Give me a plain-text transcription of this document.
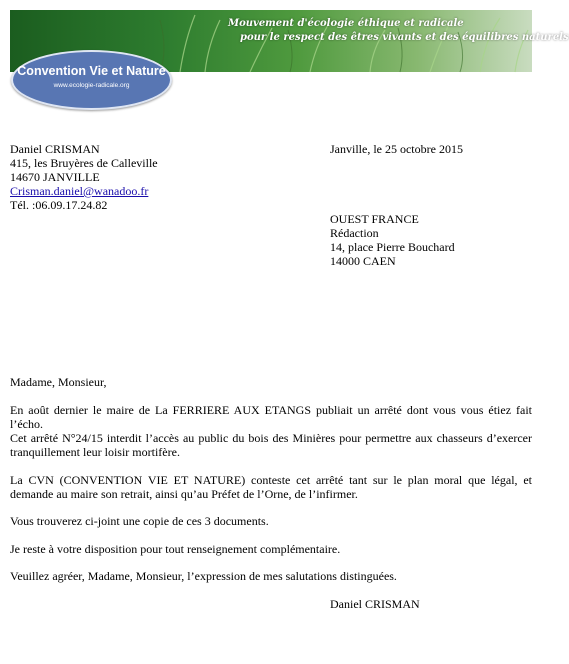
Mouvement d'écologie éthique et radicale
pour le respect des êtres vivants et des équilibres naturels
Convention Vie et Nature
www.ecologie-radicale.org
Daniel CRISMAN
415, les Bruyères de Calleville
14670 JANVILLE
Crisman.daniel@wanadoo.fr
Tél. :06.09.17.24.82
Janville, le 25 octobre 2015
OUEST FRANCE
Rédaction
14, place Pierre Bouchard
14000 CAEN
Madame, Monsieur,
En août dernier le maire de La FERRIERE AUX ETANGS publiait un arrêté dont vous vous étiez fait l’écho.
Cet arrêté N°24/15 interdit l’accès au public du bois des Minières pour permettre aux chasseurs d’exercer tranquillement leur loisir mortifère.
La CVN (CONVENTION VIE ET NATURE) conteste cet arrêté tant sur le plan moral que légal, et demande au maire son retrait, ainsi qu’au Préfet de l’Orne, de l’infirmer.
Vous trouverez ci-joint une copie de ces 3 documents.
Je reste à votre disposition pour tout renseignement complémentaire.
Veuillez agréer, Madame, Monsieur, l’expression de mes salutations distinguées.
Daniel CRISMAN
